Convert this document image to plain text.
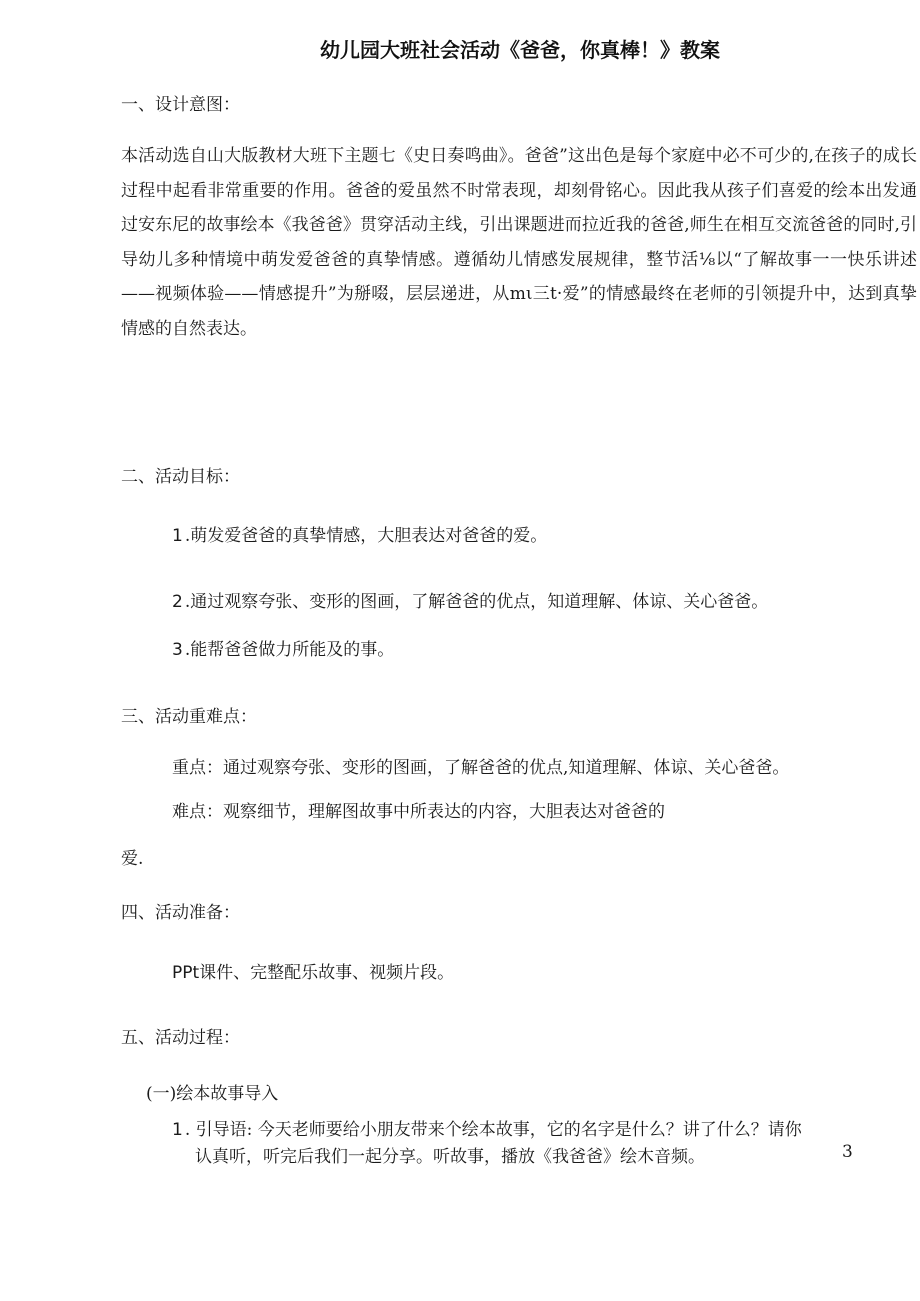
幼儿园大班社会活动《爸爸，你真棒！》教案
一、设计意图：
本活动选自山大版教材大班下主题七《史日奏鸣曲》。爸爸”这出色是每个家庭中必不可少的,在孩子的成长过程中起看非常重要的作用。爸爸的爱虽然不时常表现，却刻骨铭心。因此我从孩子们喜爱的绘本出发通过安东尼的故事绘本《我爸爸》贯穿活动主线，引出课题进而拉近我的爸爸,师生在相互交流爸爸的同时,引导幼儿多种情境中萌发爱爸爸的真挚情感。遵循幼儿情感发展规律，整节活⅛以“了解故事一一快乐讲述——视频体验——情感提升”为掰啜，层层递进，从mι三t·爱”的情感最终在老师的引领提升中，达到真挚情感的自然表达。
二、活动目标：
1 .萌发爱爸爸的真挚情感，大胆表达对爸爸的爱。
2 .通过观察夸张、变形的图画，了解爸爸的优点，知道理解、体谅、关心爸爸。
3 .能帮爸爸做力所能及的事。
三、活动重难点：
重点：通过观察夸张、变形的图画，了解爸爸的优点,知道理解、体谅、关心爸爸。
难点：观察细节，理解图故事中所表达的内容，大胆表达对爸爸的
爱.
四、活动准备：
PPt课件、完整配乐故事、视频片段。
五、活动过程：
(一)绘本故事导入
1 . 引导语: 今天老师要给小朋友带来个绘本故事，它的名字是什么？讲了什么？请你
认真听，听完后我们一起分享。听故事，播放《我爸爸》绘木音频。	3
